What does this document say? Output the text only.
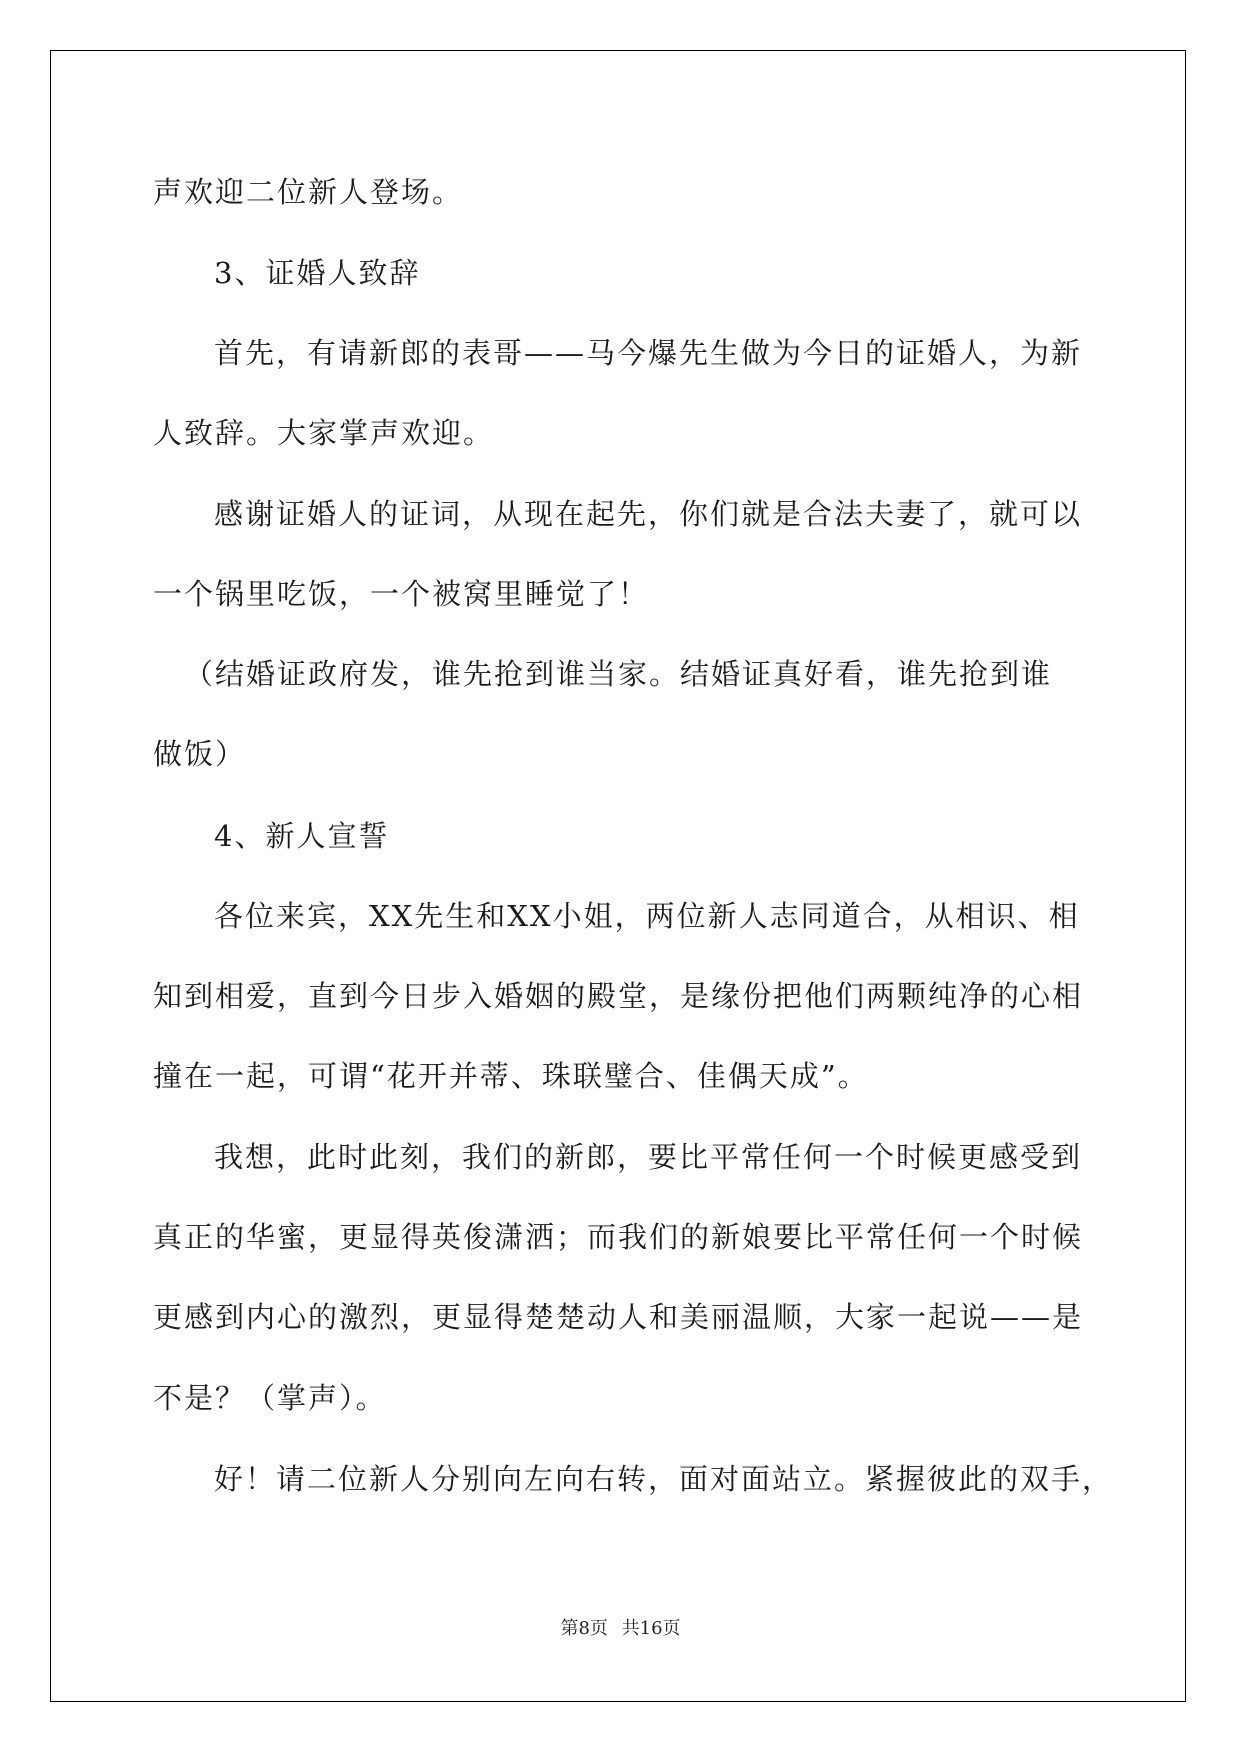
声欢迎二位新人登场。
3、证婚人致辞
首先，有请新郎的表哥——马今爆先生做为今日的证婚人，为新
人致辞。大家掌声欢迎。
感谢证婚人的证词，从现在起先，你们就是合法夫妻了，就可以
一个锅里吃饭，一个被窝里睡觉了！
（结婚证政府发，谁先抢到谁当家。结婚证真好看，谁先抢到谁
做饭）
4、新人宣誓
各位来宾，XX先生和XX小姐，两位新人志同道合，从相识、相
知到相爱，直到今日步入婚姻的殿堂，是缘份把他们两颗纯净的心相
撞在一起，可谓“花开并蒂、珠联璧合、佳偶天成”。
我想，此时此刻，我们的新郎，要比平常任何一个时候更感受到
真正的华蜜，更显得英俊潇洒；而我们的新娘要比平常任何一个时候
更感到内心的激烈，更显得楚楚动人和美丽温顺，大家一起说——是
不是？（掌声）。
好！请二位新人分别向左向右转，面对面站立。紧握彼此的双手，
第8页 共16页
